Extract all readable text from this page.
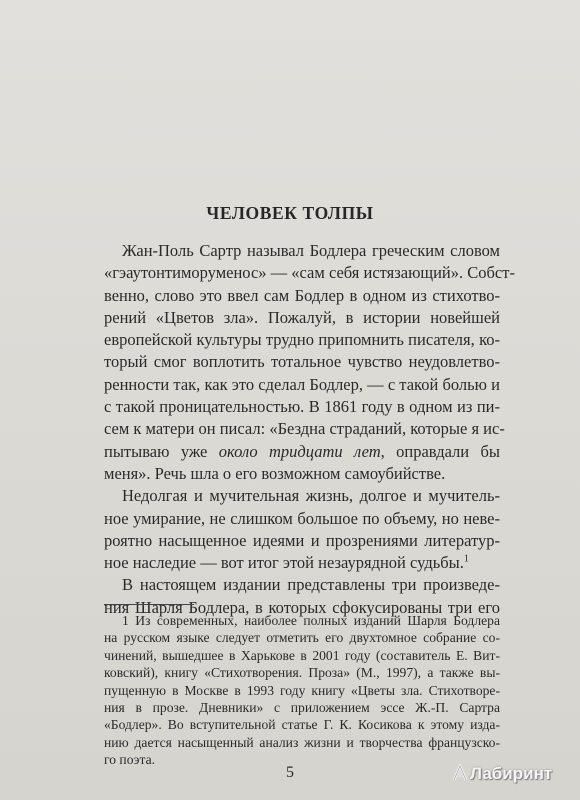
ЧЕЛОВЕК ТОЛПЫ

Жан-Поль Сартр называл Бодлера греческим словом
«гэаутонтиморуменос» — «сам себя истязающий». Собст-
венно, слово это ввел сам Бодлер в одном из стихотво-
рений «Цветов зла». Пожалуй, в истории новейшей
европейской культуры трудно припомнить писателя, ко-
торый смог воплотить тотальное чувство неудовлетво-
ренности так, как это сделал Бодлер, — с такой болью и
с такой проницательностью. В 1861 году в одном из пи-
сем к матери он писал: «Бездна страданий, которые я ис-
пытываю уже около тридцати лет, оправдали бы
меня». Речь шла о его возможном самоубийстве.

Недолгая и мучительная жизнь, долгое и мучитель-
ное умирание, не слишком большое по объему, но неве-
роятно насыщенное идеями и прозрениями литератур-
ное наследие — вот итог этой незаурядной судьбы.$^1$

В настоящем издании представлены три произведе-
ния Шарля Бодлера, в которых сфокусированы три его

1 Из современных, наиболее полных изданий Шарля Бодлера
на русском языке следует отметить его двухтомное собрание со-
чинений, вышедшее в Харькове в 2001 году (составитель Е. Вит-
ковский), книгу «Стихотворения. Проза» (М., 1997), а также вы-
пущенную в Москве в 1993 году книгу «Цветы зла. Стихотворе-
ния в прозе. Дневники» с приложением эссе Ж.-П. Сартра
«Бодлер». Во вступительной статье Г. К. Косикова к этому изда-
нию дается насыщенный анализ жизни и творчества французско-
го поэта.
5	Лабиринт
